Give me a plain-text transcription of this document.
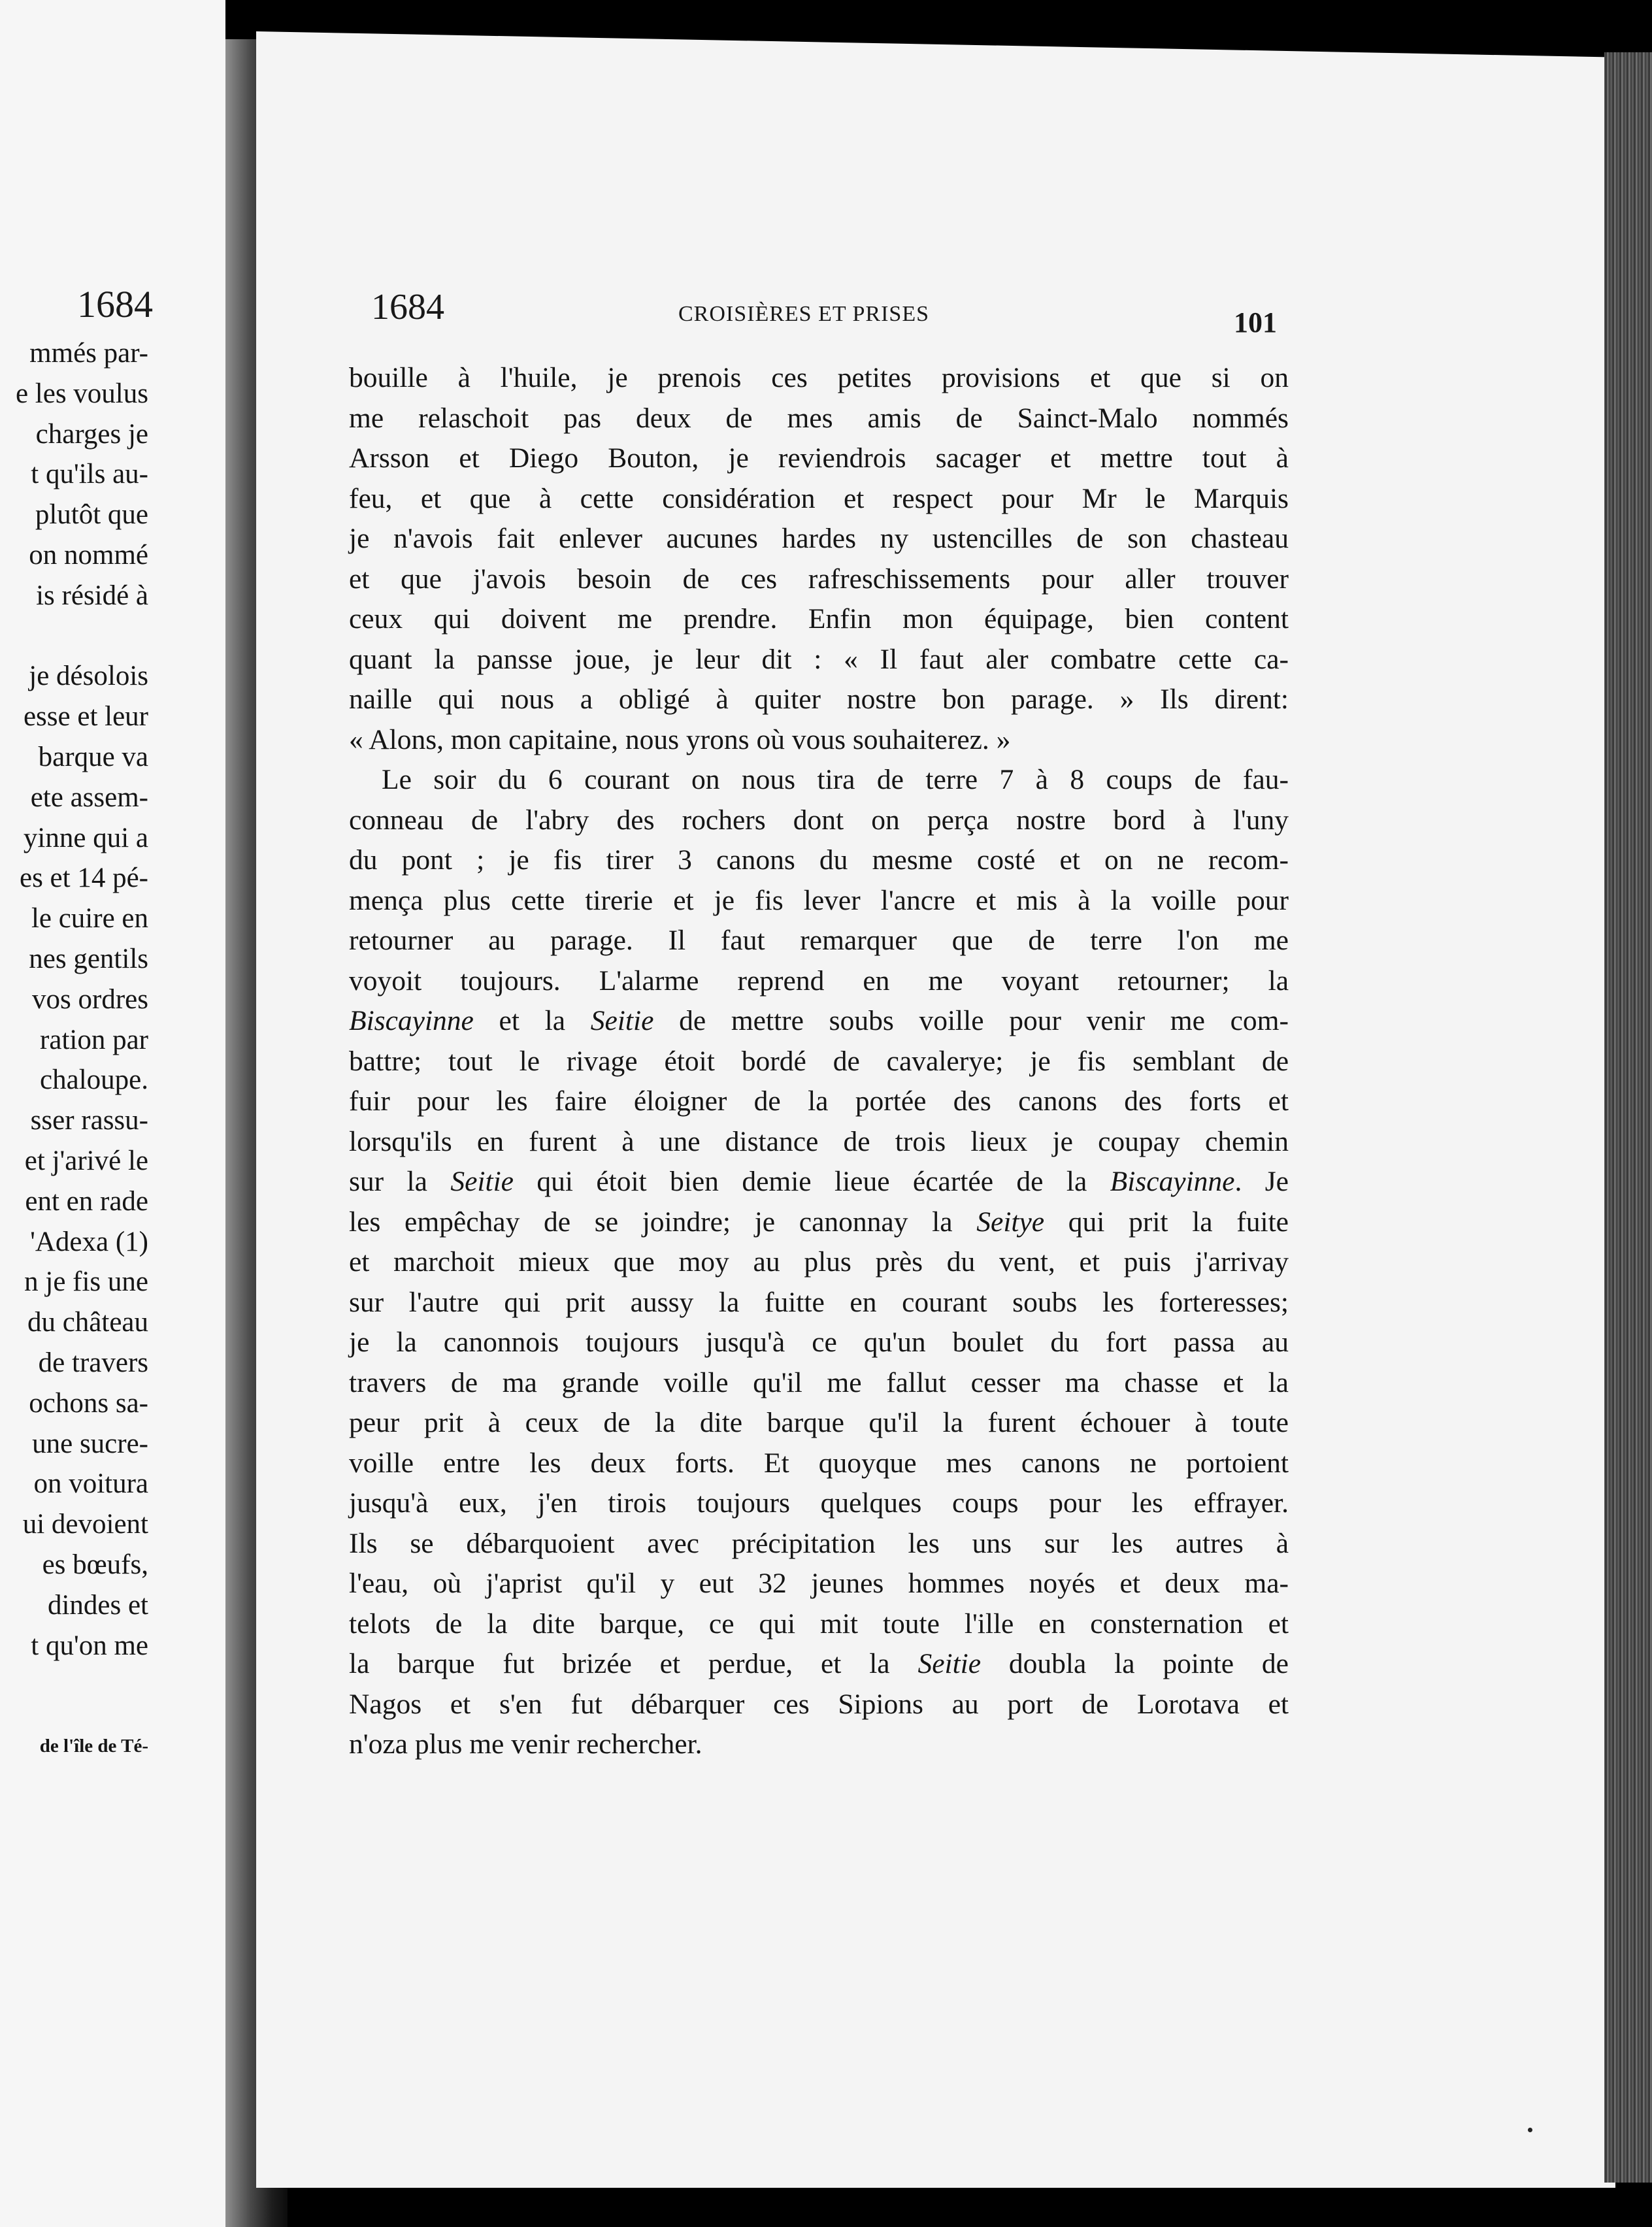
1684
mmés par-
e les voulus
charges je
t qu'ils au-
plutôt que
on nommé
is résidé à
je désolois
esse et leur
barque va
ete assem-
yinne qui a
es et 14 pé-
le cuire en
nes gentils
vos ordres
ration par
chaloupe.
sser rassu-
et j'arivé le
ent en rade
'Adexa (1)
n je fis une
du château
de travers
ochons sa-
une sucre-
on voitura
ui devoient
es bœufs,
dindes et
t qu'on me
de l'île de Té-
1684	CROISIÈRES ET PRISES	101
bouille à l'huile, je prenois ces petites provisions et que si on
me relaschoit pas deux de mes amis de Sainct-Malo nommés
Arsson et Diego Bouton, je reviendrois sacager et mettre tout à
feu, et que à cette considération et respect pour Mr le Marquis
je n'avois fait enlever aucunes hardes ny ustencilles de son chasteau
et que j'avois besoin de ces rafreschissements pour aller trouver
ceux qui doivent me prendre. Enfin mon équipage, bien content
quant la pansse joue, je leur dit : « Il faut aler combatre cette ca-
naille qui nous a obligé à quiter nostre bon parage. » Ils dirent:
« Alons, mon capitaine, nous yrons où vous souhaiterez. »
Le soir du 6 courant on nous tira de terre 7 à 8 coups de fau-
conneau de l'abry des rochers dont on perça nostre bord à l'uny
du pont ; je fis tirer 3 canons du mesme costé et on ne recom-
mença plus cette tirerie et je fis lever l'ancre et mis à la voille pour
retourner au parage. Il faut remarquer que de terre l'on me
voyoit toujours. L'alarme reprend en me voyant retourner; la
Biscayinne et la Seitie de mettre soubs voille pour venir me com-
battre; tout le rivage étoit bordé de cavalerye; je fis semblant de
fuir pour les faire éloigner de la portée des canons des forts et
lorsqu'ils en furent à une distance de trois lieux je coupay chemin
sur la Seitie qui étoit bien demie lieue écartée de la Biscayinne. Je
les empêchay de se joindre; je canonnay la Seitye qui prit la fuite
et marchoit mieux que moy au plus près du vent, et puis j'arrivay
sur l'autre qui prit aussy la fuitte en courant soubs les forteresses;
je la canonnois toujours jusqu'à ce qu'un boulet du fort passa au
travers de ma grande voille qu'il me fallut cesser ma chasse et la
peur prit à ceux de la dite barque qu'il la furent échouer à toute
voille entre les deux forts. Et quoyque mes canons ne portoient
jusqu'à eux, j'en tirois toujours quelques coups pour les effrayer.
Ils se débarquoient avec précipitation les uns sur les autres à
l'eau, où j'aprist qu'il y eut 32 jeunes hommes noyés et deux ma-
telots de la dite barque, ce qui mit toute l'ille en consternation et
la barque fut brizée et perdue, et la Seitie doubla la pointe de
Nagos et s'en fut débarquer ces Sipions au port de Lorotava et
n'oza plus me venir rechercher.
